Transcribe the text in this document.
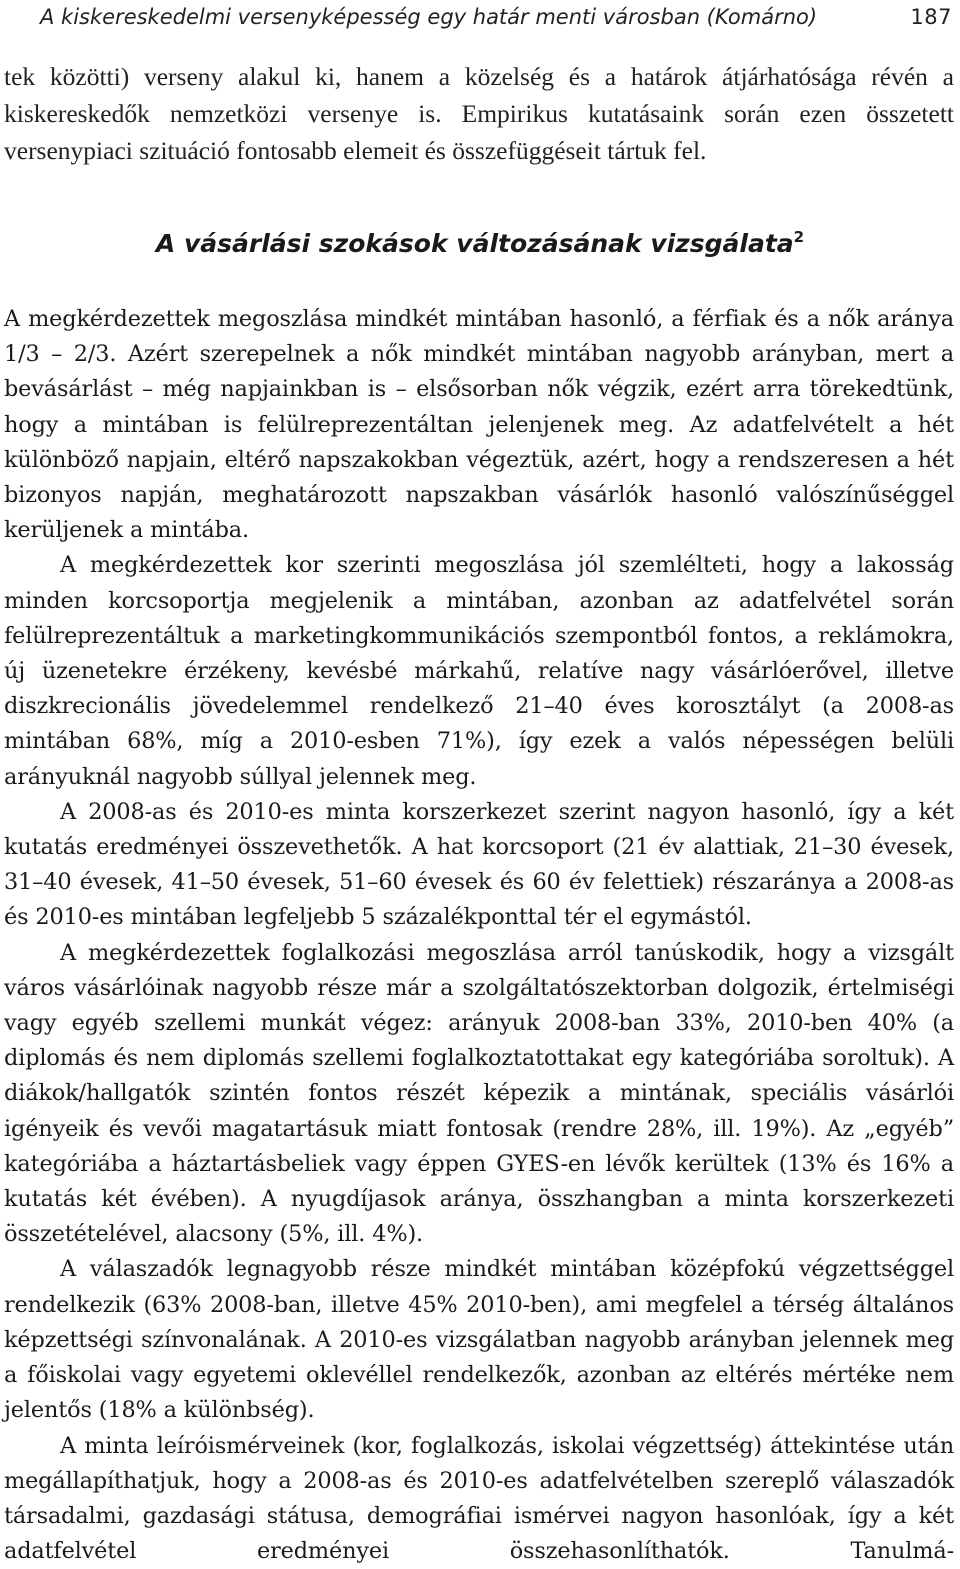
A kiskereskedelmi versenyképesség egy határ menti városban (Komárno)	187

tek közötti) verseny alakul ki, hanem a közelség és a határok átjárhatósága révén a kiskereskedők nemzetközi versenye is. Empirikus kutatásaink során ezen összetett versenypiaci szituáció fontosabb elemeit és összefüggéseit tártuk fel.

A vásárlási szokások változásának vizsgálata$^2$

A megkérdezettek megoszlása mindkét mintában hasonló, a férfiak és a nők aránya 1/3 – 2/3. Azért szerepelnek a nők mindkét mintában nagyobb arányban, mert a bevásárlást – még napjainkban is – elsősorban nők végzik, ezért arra törekedtünk, hogy a mintában is felülreprezentáltan jelenjenek meg. Az adatfelvételt a hét különböző napjain, eltérő napszakokban végeztük, azért, hogy a rendszeresen a hét bizonyos napján, meghatározott napszakban vásárlók hasonló valószínűséggel kerüljenek a mintába.

A megkérdezettek kor szerinti megoszlása jól szemlélteti, hogy a lakosság minden korcsoportja megjelenik a mintában, azonban az adatfelvétel során felülreprezentáltuk a marketingkommunikációs szempontból fontos, a reklámokra, új üzenetekre érzékeny, kevésbé márkahű, relatíve nagy vásárlóerővel, illetve diszkrecionális jövedelemmel rendelkező 21–40 éves korosztályt (a 2008-as mintában 68%, míg a 2010-esben 71%), így ezek a valós népességen belüli arányuknál nagyobb súllyal jelennek meg.

A 2008-as és 2010-es minta korszerkezet szerint nagyon hasonló, így a két kutatás eredményei összevethetők. A hat korcsoport (21 év alattiak, 21–30 évesek, 31–40 évesek, 41–50 évesek, 51–60 évesek és 60 év felettiek) részaránya a 2008-as és 2010-es mintában legfeljebb 5 százalékponttal tér el egymástól.

A megkérdezettek foglalkozási megoszlása arról tanúskodik, hogy a vizsgált város vásárlóinak nagyobb része már a szolgáltatószektorban dolgozik, értelmiségi vagy egyéb szellemi munkát végez: arányuk 2008-ban 33%, 2010-ben 40% (a diplomás és nem diplomás szellemi foglalkoztatottakat egy kategóriába soroltuk). A diákok/hallgatók szintén fontos részét képezik a mintának, speciális vásárlói igényeik és vevői magatartásuk miatt fontosak (rendre 28%, ill. 19%). Az „egyéb” kategóriába a háztartásbeliek vagy éppen GYES-en lévők kerültek (13% és 16% a kutatás két évében). A nyugdíjasok aránya, összhangban a minta korszerkezeti összetételével, alacsony (5%, ill. 4%).

A válaszadók legnagyobb része mindkét mintában középfokú végzettséggel rendelkezik (63% 2008-ban, illetve 45% 2010-ben), ami megfelel a térség általános képzettségi színvonalának. A 2010-es vizsgálatban nagyobb arányban jelennek meg a főiskolai vagy egyetemi oklevéllel rendelkezők, azonban az eltérés mértéke nem jelentős (18% a különbség).

A minta leíróismérveinek (kor, foglalkozás, iskolai végzettség) áttekintése után megállapíthatjuk, hogy a 2008-as és 2010-es adatfelvételben szereplő válaszadók társadalmi, gazdasági státusa, demográfiai ismérvei nagyon hasonlóak, így a két adatfelvétel eredményei összehasonlíthatók. Tanulmá-
